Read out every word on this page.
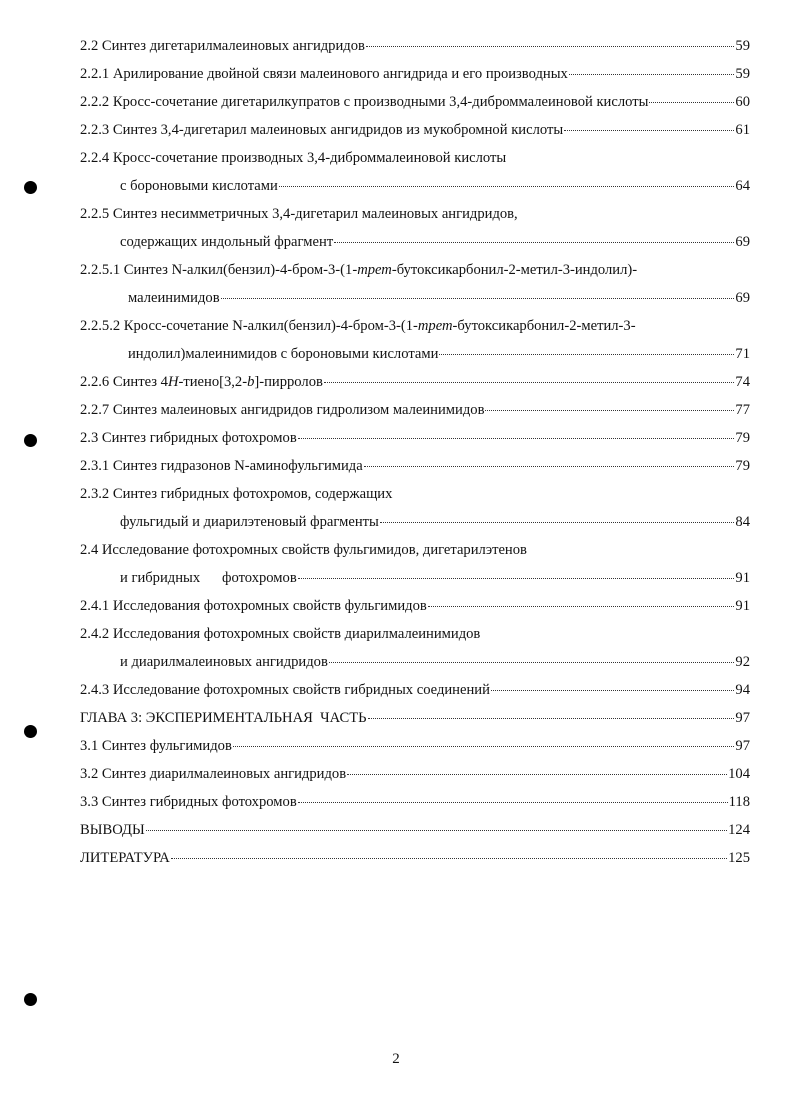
2.2 Синтез дигетарилмалеиновых ангидридов	59
2.2.1 Арилирование двойной связи малеинового ангидрида и его производных	59
2.2.2 Кросс-сочетание дигетарилкупратов с производными 3,4-диброммалеиновой кислоты	60
2.2.3 Синтез 3,4-дигетарил малеиновых ангидридов из мукобромной кислоты	61
2.2.4 Кросс-сочетание производных 3,4-диброммалеиновой кислоты
с бороновыми кислотами	64
2.2.5 Синтез несимметричных 3,4-дигетарил малеиновых ангидридов,
содержащих индольный фрагмент	69
2.2.5.1 Синтез N-алкил(бензил)-4-бром-3-(1-трет-бутоксикарбонил-2-метил-3-индолил)-
малеинимидов	69
2.2.5.2 Кросс-сочетание N-алкил(бензил)-4-бром-3-(1-трет-бутоксикарбонил-2-метил-3-
индолил)малеинимидов с бороновыми кислотами	71
2.2.6 Синтез 4H-тиено[3,2-b]-пирролов	74
2.2.7 Синтез малеиновых ангидридов гидролизом малеинимидов	77
2.3 Синтез гибридных фотохромов	79
2.3.1 Синтез гидразонов N-аминофульгимида	79
2.3.2 Синтез гибридных фотохромов, содержащих
фульгидый и диарилэтеновый фрагменты	84
2.4 Исследование фотохромных свойств фульгимидов, дигетарилэтенов
и гибридных      фотохромов	91
2.4.1 Исследования фотохромных свойств фульгимидов	91
2.4.2 Исследования фотохромных свойств диарилмалеинимидов
и диарилмалеиновых ангидридов	92
2.4.3 Исследование фотохромных свойств гибридных соединений	94
ГЛАВА 3: ЭКСПЕРИМЕНТАЛЬНАЯ  ЧАСТЬ	97
3.1 Синтез фульгимидов	97
3.2 Синтез диарилмалеиновых ангидридов	104
3.3 Синтез гибридных фотохромов	118
ВЫВОДЫ	124
ЛИТЕРАТУРА	125
2
